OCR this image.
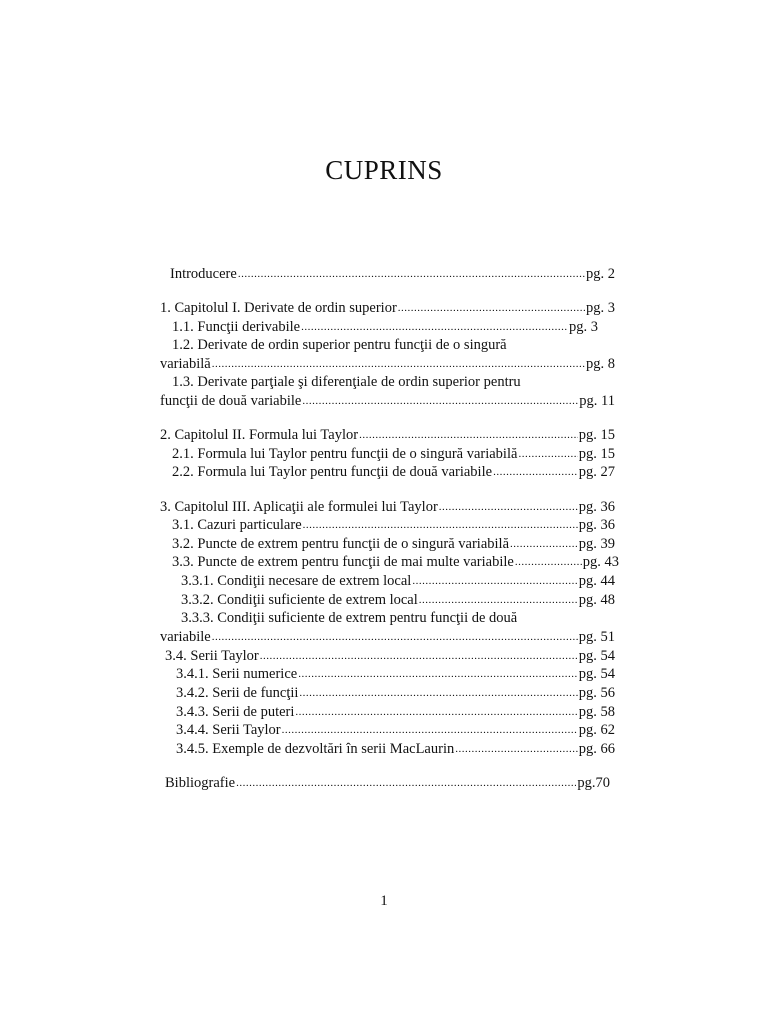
CUPRINS
Introducere .....	pg. 2
1. Capitolul I. Derivate de ordin superior .....	pg. 3
1.1. Funcţii derivabile .....	pg. 3
1.2. Derivate de ordin superior pentru funcţii de o singură
variabilă .....	pg. 8
1.3. Derivate parţiale şi diferenţiale de ordin superior pentru
funcţii de două variabile .....	pg. 11
2. Capitolul II. Formula lui Taylor .....	pg. 15
2.1. Formula lui Taylor pentru funcţii de o singură variabilă .....	pg. 15
2.2. Formula lui Taylor pentru funcţii de două variabile .....	pg. 27
3. Capitolul III. Aplicaţii ale formulei lui Taylor .....	pg. 36
3.1. Cazuri particulare .....	pg. 36
3.2. Puncte de extrem pentru funcţii de o singură variabilă .....	pg. 39
3.3. Puncte de extrem pentru funcţii de mai multe variabile .....	pg. 43
3.3.1. Condiţii necesare de extrem local .....	pg. 44
3.3.2. Condiţii suficiente de extrem local .....	pg. 48
3.3.3. Condiţii suficiente de extrem pentru funcţii de două
variabile .....	pg. 51
3.4. Serii Taylor .....	pg. 54
3.4.1. Serii numerice .....	pg. 54
3.4.2. Serii de funcţii .....	pg. 56
3.4.3. Serii de puteri .....	pg. 58
3.4.4. Serii Taylor .....	pg. 62
3.4.5. Exemple de dezvoltări în serii MacLaurin .....	pg. 66
Bibliografie .....	pg.70
1
